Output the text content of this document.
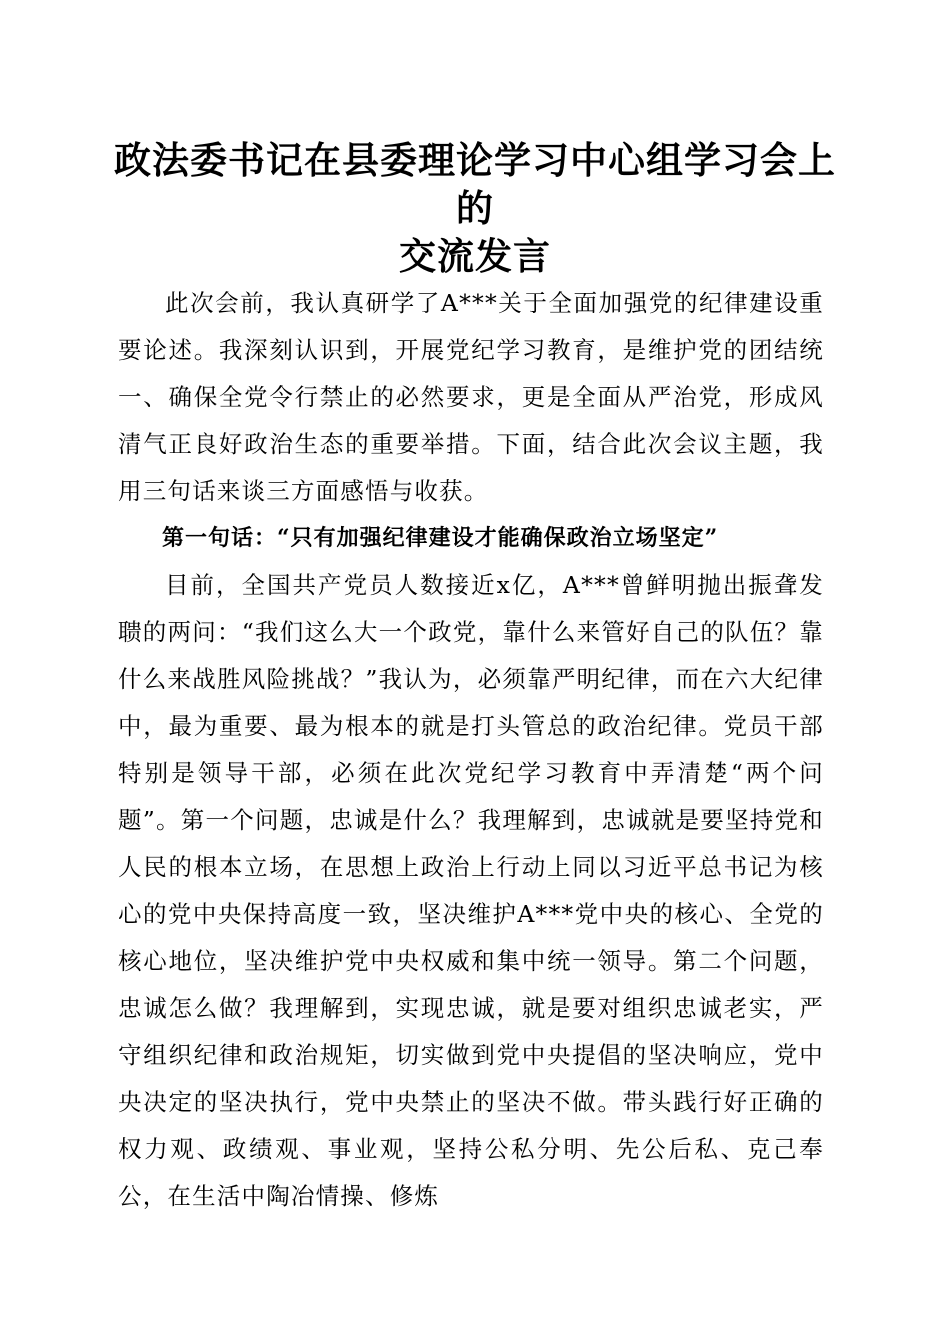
政法委书记在县委理论学习中心组学习会上的
交流发言

此次会前，我认真研学了A***关于全面加强党的纪律建设重要论述。我深刻认识到，开展党纪学习教育，是维护党的团结统一、确保全党令行禁止的必然要求，更是全面从严治党，形成风清气正良好政治生态的重要举措。下面，结合此次会议主题，我用三句话来谈三方面感悟与收获。

第一句话：“只有加强纪律建设才能确保政治立场坚定”

目前，全国共产党员人数接近x亿，A***曾鲜明抛出振聋发聩的两问：“我们这么大一个政党，靠什么来管好自己的队伍？靠什么来战胜风险挑战？”我认为，必须靠严明纪律，而在六大纪律中，最为重要、最为根本的就是打头管总的政治纪律。党员干部特别是领导干部，必须在此次党纪学习教育中弄清楚“两个问题”。第一个问题，忠诚是什么？我理解到，忠诚就是要坚持党和人民的根本立场，在思想上政治上行动上同以习近平总书记为核心的党中央保持高度一致，坚决维护A***党中央的核心、全党的核心地位，坚决维护党中央权威和集中统一领导。第二个问题，忠诚怎么做？我理解到，实现忠诚，就是要对组织忠诚老实，严守组织纪律和政治规矩，切实做到党中央提倡的坚决响应，党中央决定的坚决执行，党中央禁止的坚决不做。带头践行好正确的权力观、政绩观、事业观，坚持公私分明、先公后私、克己奉公，在生活中陶冶情操、修炼
